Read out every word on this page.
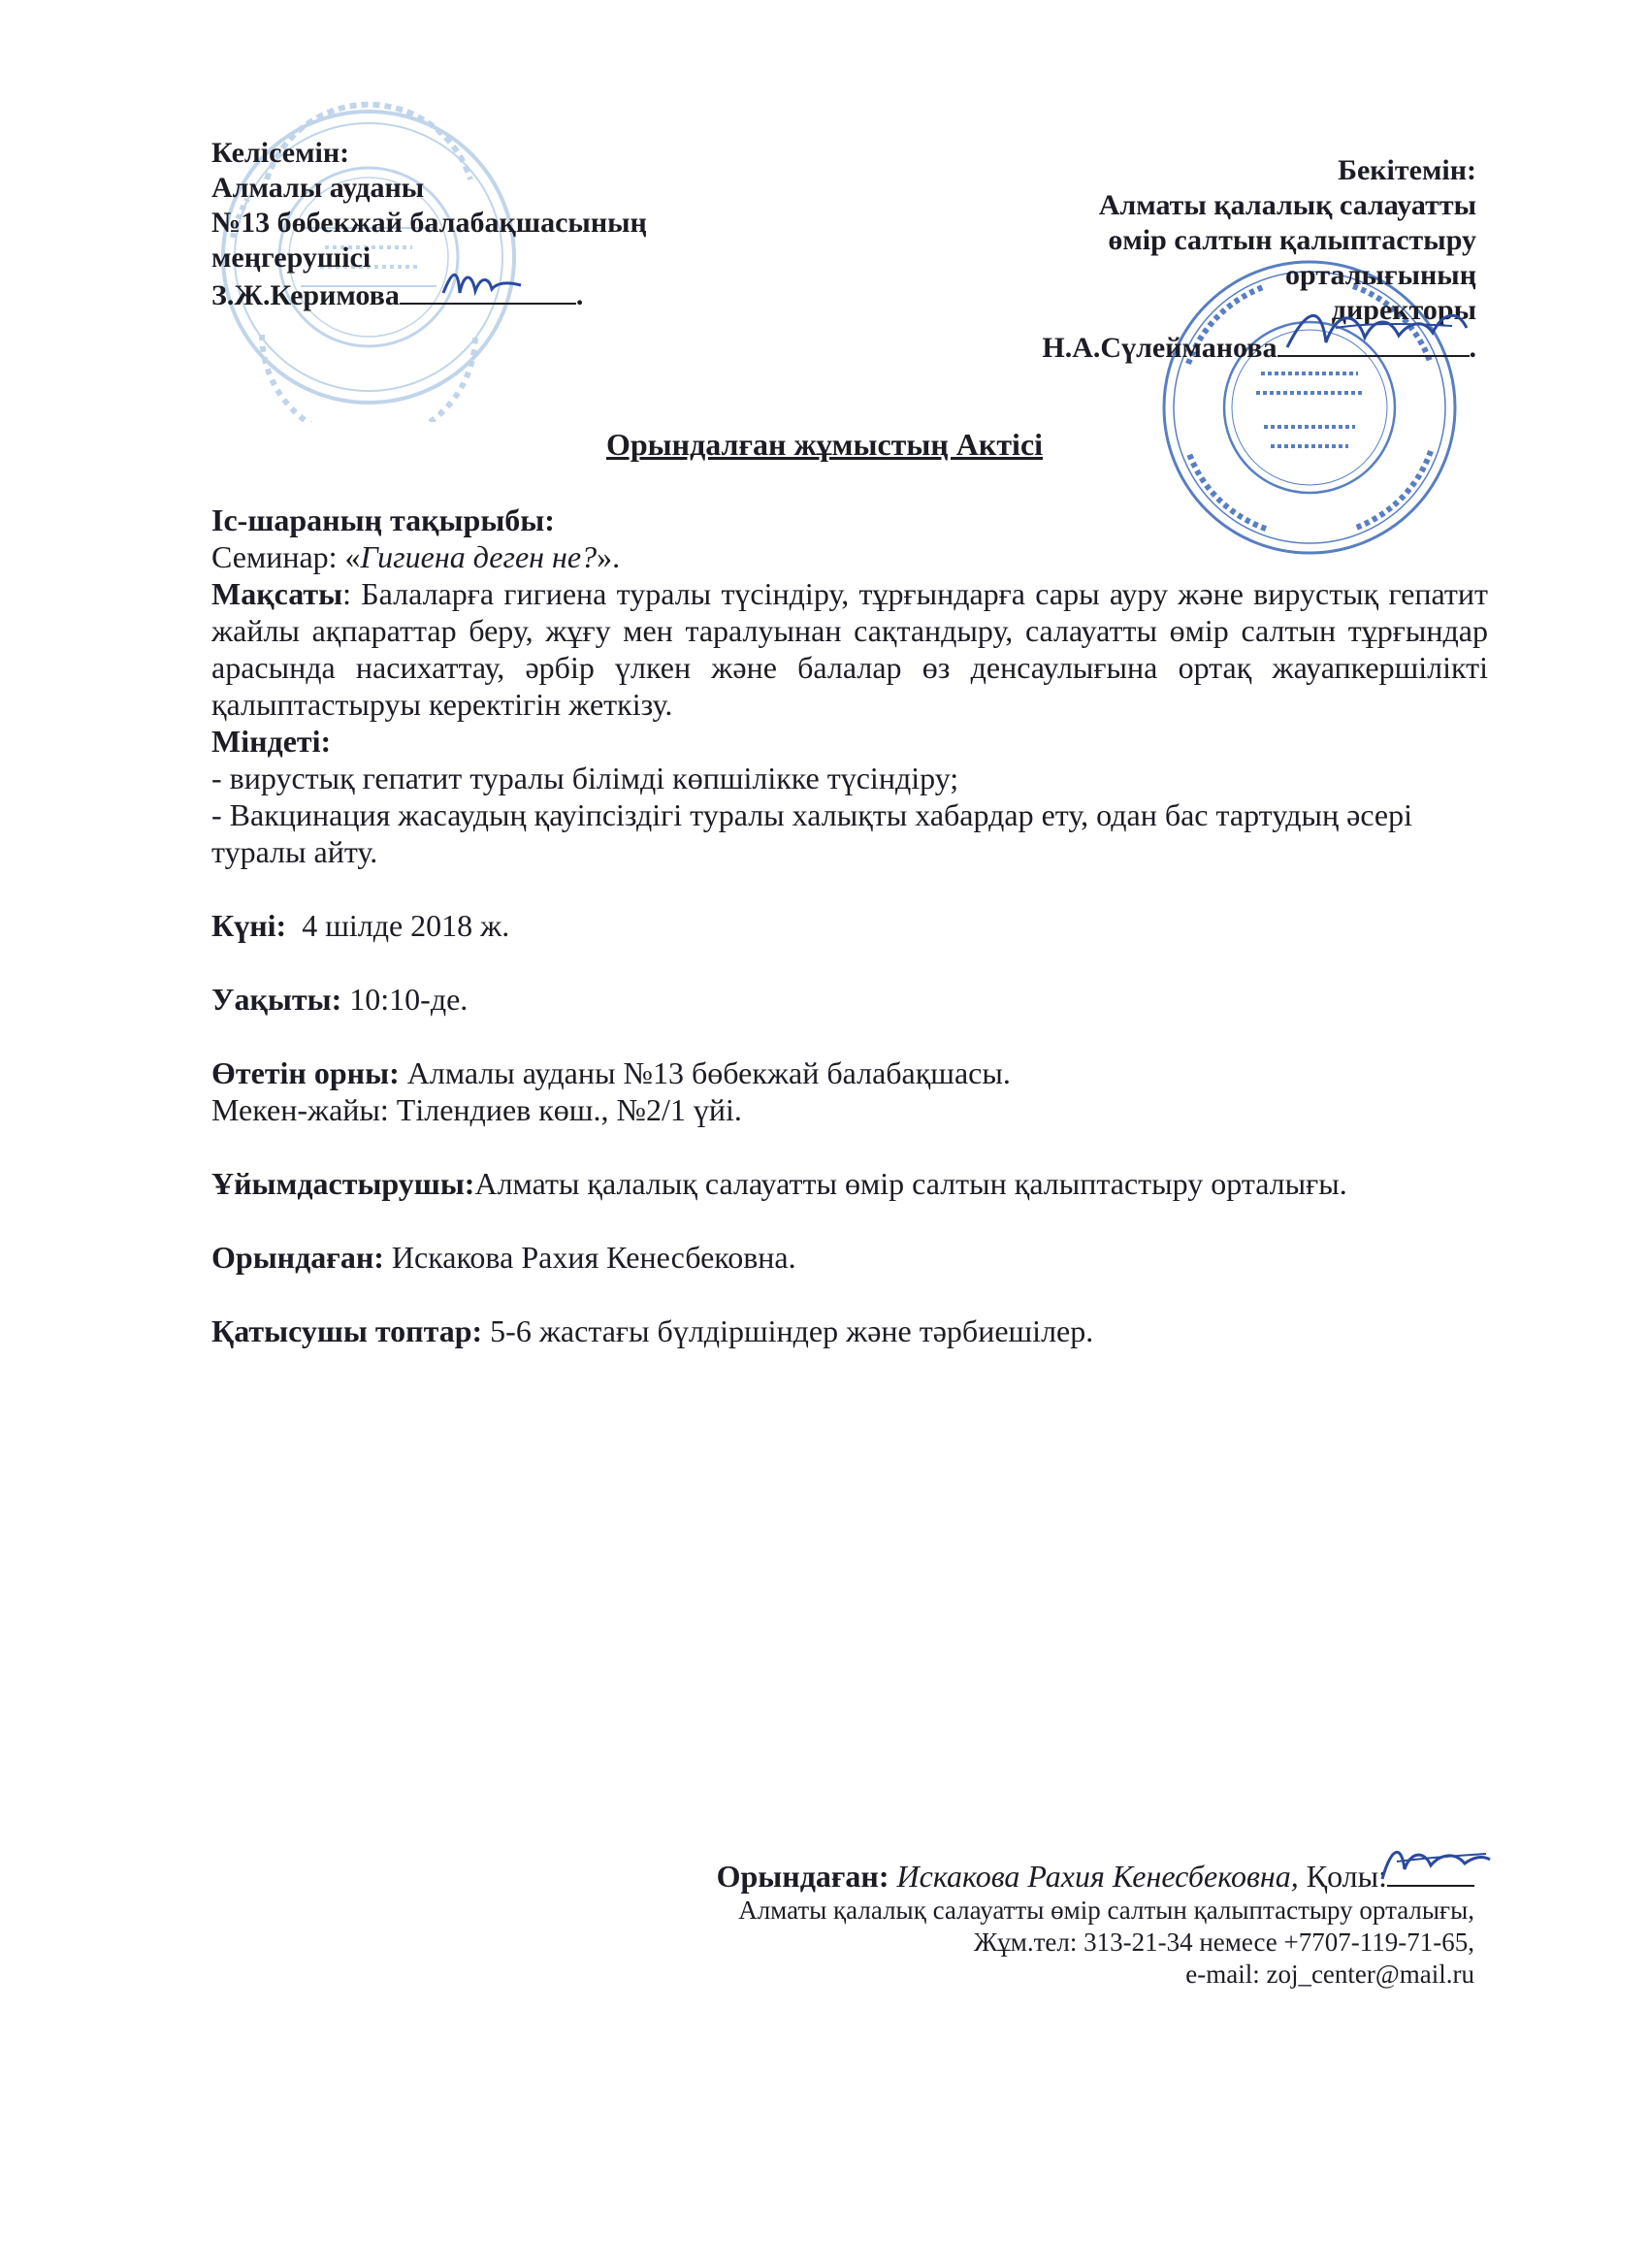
Келісемін:
Алмалы ауданы
№13 бөбекжай балабақшасының
меңгерушісі
З.Ж.Керимова	.
Бекітемін:
Алматы қалалық салауатты
өмір салтын қалыптастыру
орталығының
директоры
Н.А.Сүлейманова	.
Орындалған жұмыстың Актісі
Іс-шараның тақырыбы:
Семинар: «Гигиена деген не?».
Мақсаты: Балаларға гигиена туралы түсіндіру, тұрғындарға сары ауру және вирустық гепатит жайлы ақпараттар беру, жұғу мен таралуынан сақтандыру, салауатты өмір салтын тұрғындар арасында насихаттау, әрбір үлкен және балалар өз денсаулығына ортақ жауапкершілікті қалыптастыруы керектігін жеткізу.
Міндеті:
- вирустық гепатит туралы білімді көпшілікке түсіндіру;
- Вакцинация жасаудың қауіпсіздігі туралы халықты хабардар ету, одан бас тартудың әсері туралы айту.
Күні:  4 шілде 2018 ж.
Уақыты: 10:10-де.
Өтетін орны: Алмалы ауданы №13 бөбекжай балабақшасы.
Мекен-жайы: Тілендиев көш., №2/1 үйі.
Ұйымдастырушы:Алматы қалалық салауатты өмір салтын қалыптастыру орталығы.
Орындаған: Искакова Рахия Кенесбековна.
Қатысушы топтар: 5-6 жастағы бүлдіршіндер және тәрбиешілер.
Орындаған: Искакова Рахия Кенесбековна, Қолы:
Алматы қалалық салауатты өмір салтын қалыптастыру орталығы,
Жұм.тел: 313-21-34 немесе +7707-119-71-65,
e-mail: zoj_center@mail.ru
